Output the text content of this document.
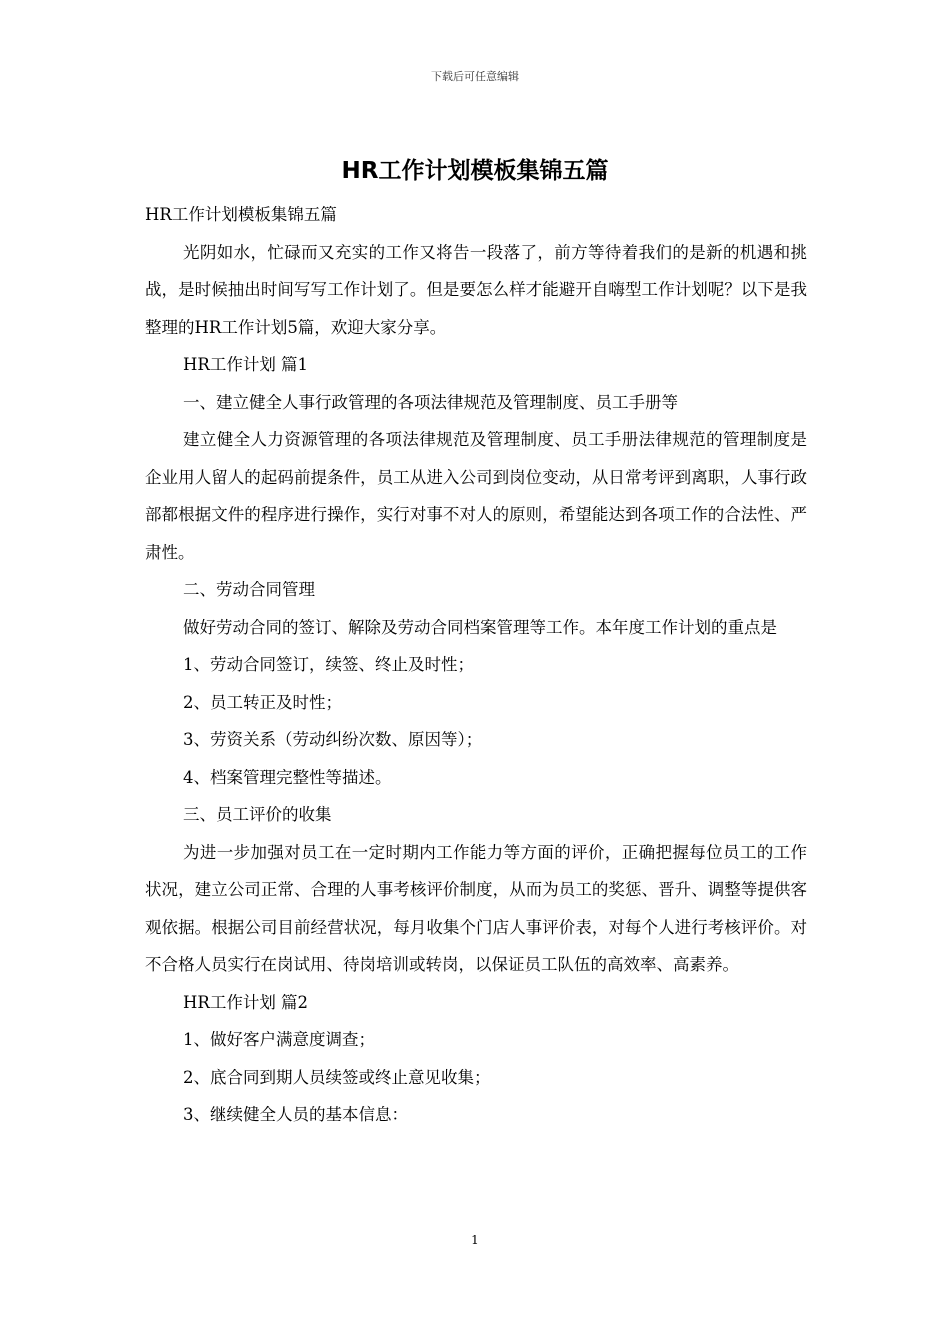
下载后可任意编辑
HR工作计划模板集锦五篇

HR工作计划模板集锦五篇

光阴如水，忙碌而又充实的工作又将告一段落了，前方等待着我们的是新的机遇和挑战，是时候抽出时间写写工作计划了。但是要怎么样才能避开自嗨型工作计划呢？以下是我整理的HR工作计划5篇，欢迎大家分享。

HR工作计划 篇1

一、建立健全人事行政管理的各项法律规范及管理制度、员工手册等

建立健全人力资源管理的各项法律规范及管理制度、员工手册法律规范的管理制度是企业用人留人的起码前提条件，员工从进入公司到岗位变动，从日常考评到离职，人事行政部都根据文件的程序进行操作，实行对事不对人的原则，希望能达到各项工作的合法性、严肃性。

二、劳动合同管理

做好劳动合同的签订、解除及劳动合同档案管理等工作。本年度工作计划的重点是

1、劳动合同签订，续签、终止及时性；

2、员工转正及时性；

3、劳资关系（劳动纠纷次数、原因等）；

4、档案管理完整性等描述。

三、员工评价的收集

为进一步加强对员工在一定时期内工作能力等方面的评价，正确把握每位员工的工作状况，建立公司正常、合理的人事考核评价制度，从而为员工的奖惩、晋升、调整等提供客观依据。根据公司目前经营状况，每月收集个门店人事评价表，对每个人进行考核评价。对不合格人员实行在岗试用、待岗培训或转岗，以保证员工队伍的高效率、高素养。

HR工作计划 篇2

1、做好客户满意度调查；

2、底合同到期人员续签或终止意见收集；

3、继续健全人员的基本信息：

1
